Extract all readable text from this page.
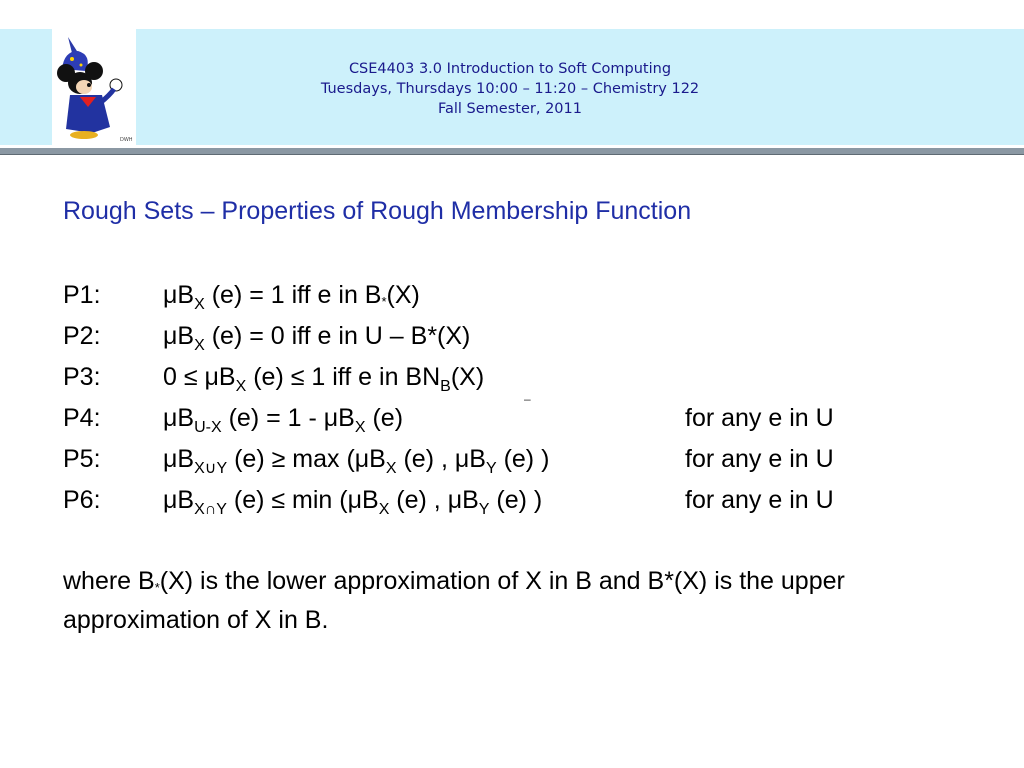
DWH
CSE4403 3.0 Introduction to Soft Computing
Tuesdays, Thursdays 10:00 – 11:20 – Chemistry 122
Fall Semester, 2011
Rough Sets – Properties of Rough Membership Function
P1: $\mu B_X$ (e) = 1 iff e in B*(X)
P2: $\mu B_X$ (e) = 0 iff e in U – B*(X)
P3: $0 \le \mu B_X$ (e) ≤ 1 iff e in $BN_B(X)$
–
P4: $\mu B_{U-X}$ $(e) = 1 - \mu B_X$ (e)	for any e in U
P5: $\mu B_{X\cup Y}$ $(e) \ge \max (\mu B_X$ (e) , $\mu B_Y$ (e) )	for any e in U
P6: $\mu B_{X\cap Y}$ $(e) \le \min (\mu B_X$ (e) , $\mu B_Y$ (e) )	for any e in U
where B*(X) is the lower approximation of X in B and B*(X) is the upper approximation of X in B.
